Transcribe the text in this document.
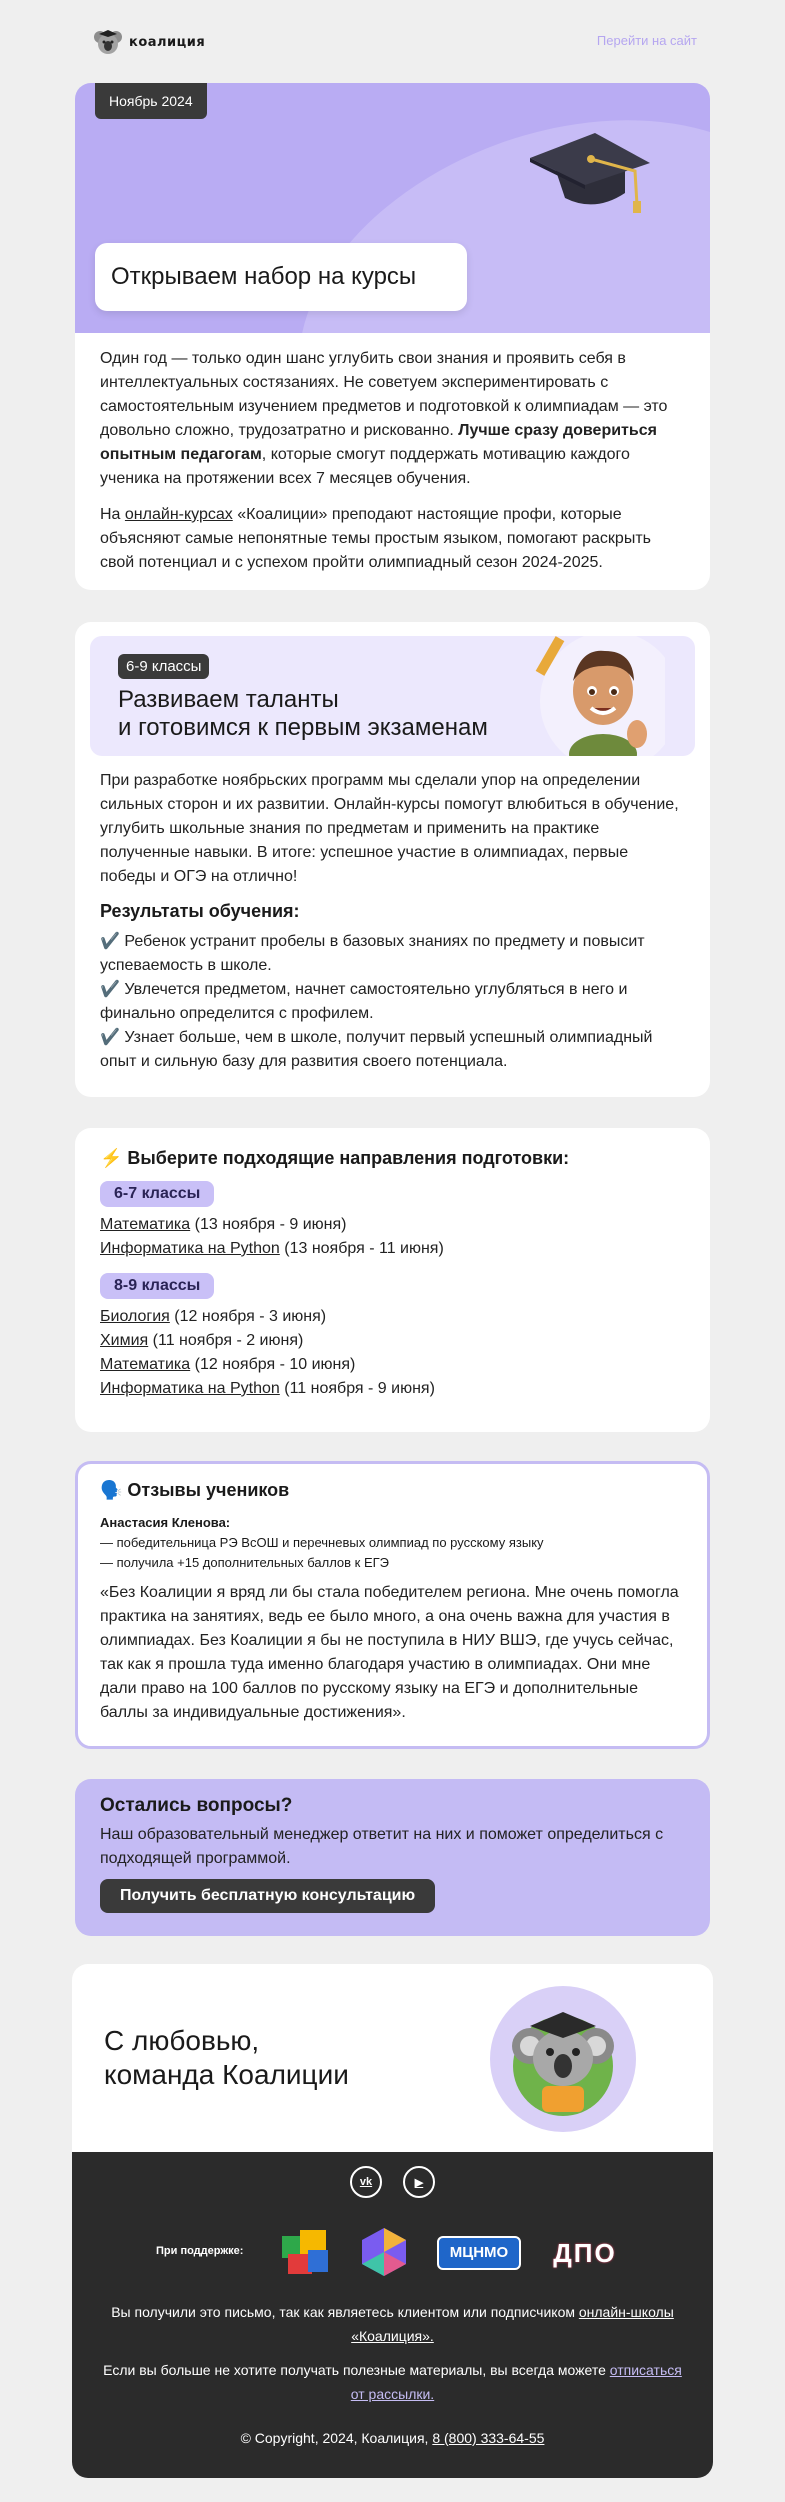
коалиция	Перейти на сайт
Ноябрь 2024
Открываем набор на курсы

Один год — только один шанс углубить свои знания и проявить себя в интеллектуальных состязаниях. Не советуем экспериментировать с самостоятельным изучением предметов и подготовкой к олимпиадам — это довольно сложно, трудозатратно и рискованно. Лучше сразу довериться опытным педагогам, которые смогут поддержать мотивацию каждого ученика на протяжении всех 7 месяцев обучения.

На онлайн-курсах «Коалиции» преподают настоящие профи, которые объясняют самые непонятные темы простым языком, помогают раскрыть свой потенциал и с успехом пройти олимпиадный сезон 2024-2025.

6-9 классы
Развиваем таланты
и готовимся к первым экзаменам

При разработке ноябрьских программ мы сделали упор на определении сильных сторон и их развитии. Онлайн-курсы помогут влюбиться в обучение, углубить школьные знания по предметам и применить на практике полученные навыки. В итоге: успешное участие в олимпиадах, первые победы и ОГЭ на отлично!

Результаты обучения:

✔️ Ребенок устранит пробелы в базовых знаниях по предмету и повысит успеваемость в школе.

✔️ Увлечется предметом, начнет самостоятельно углубляться в него и финально определится с профилем.

✔️ Узнает больше, чем в школе, получит первый успешный олимпиадный опыт и сильную базу для развития своего потенциала.

⚡ Выберите подходящие направления подготовки:
6-7 классы

Математика (13 ноября - 9 июня)

Информатика на Python (13 ноября - 11 июня)

8-9 классы

Биология (12 ноября - 3 июня)

Химия (11 ноября - 2 июня)

Математика (12 ноября - 10 июня)

Информатика на Python (11 ноября - 9 июня)

🗣️ Отзывы учеников

Анастасия Кленова:

— победительница РЭ ВсОШ и перечневых олимпиад по русскому языку

— получила +15 дополнительных баллов к ЕГЭ

«Без Коалиции я вряд ли бы стала победителем региона. Мне очень помогла практика на занятиях, ведь ее было много, а она очень важна для участия в олимпиадах. Без Коалиции я бы не поступила в НИУ ВШЭ, где учусь сейчас, так как я прошла туда именно благодаря участию в олимпиадах. Они мне дали право на 100 баллов по русскому языку на ЕГЭ и дополнительные баллы за индивидуальные достижения».

Остались вопросы?

Наш образовательный менеджер ответит на них и поможет определиться с подходящей программой.

Получить бесплатную консультацию
С любовью,
команда Коалиции
vk	▶
При поддержке:	МЦНМО	ДПО
Вы получили это письмо, так как являетесь клиентом или подписчиком онлайн-школы «Коалиция».
Если вы больше не хотите получать полезные материалы, вы всегда можете отписаться от рассылки.
© Copyright, 2024, Коалиция, 8 (800) 333-64-55
